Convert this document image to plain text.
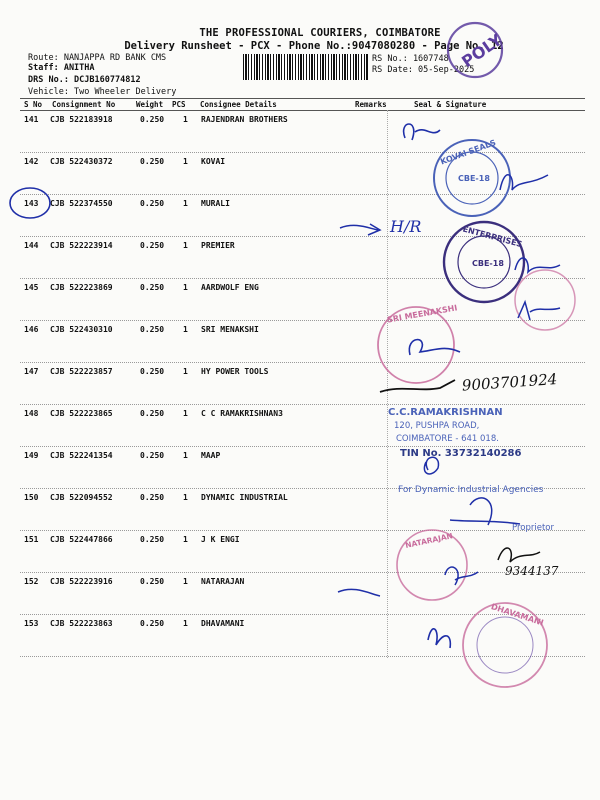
THE PROFESSIONAL COURIERS, COIMBATORE
Delivery Runsheet - PCX - Phone No.:9047080280 - Page No. 12
Route: NANJAPPA RD BANK CMS
Staff: ANITHA
DRS No.: DCJB160774812
Vehicle: Two Wheeler Delivery
RS No.: 1607748
RS Date: 05-Sep-2025
S No Consignment No	Weight PCS Consignee Details	Remarks	Seal & Signature
141 CJB 522183918	0.250 1 RAJENDRAN BROTHERS
142 CJB 522430372	0.250 1 KOVAI
143 CJB 522374550	0.250 1 MURALI
144 CJB 522223914	0.250 1 PREMIER
145 CJB 522223869	0.250 1 AARDWOLF ENG
146 CJB 522430310	0.250 1 SRI MENAKSHI
147 CJB 522223857	0.250 1 HY POWER TOOLS
148 CJB 522223865	0.250 1 C C RAMAKRISHNAN3
149 CJB 522241354	0.250 1 MAAP
150 CJB 522094552	0.250 1 DYNAMIC INDUSTRIAL
151 CJB 522447866	0.250 1 J K ENGI
152 CJB 522223916	0.250 1 NATARAJAN
153 CJB 522223863	0.250 1 DHAVAMANI
POLY
KOVAI SEALS
CBE-18
H/R	ENTERPRISES
CBE-18
SRI MEENAKSHI
9003701924
C.C.RAMAKRISHNAN
120, PUSHPA ROAD,
COIMBATORE - 641 018.
TIN No. 33732140286
For Dynamic Industrial Agencies
Proprietor
NATARAJAN
9344137
DHAVAMANI
